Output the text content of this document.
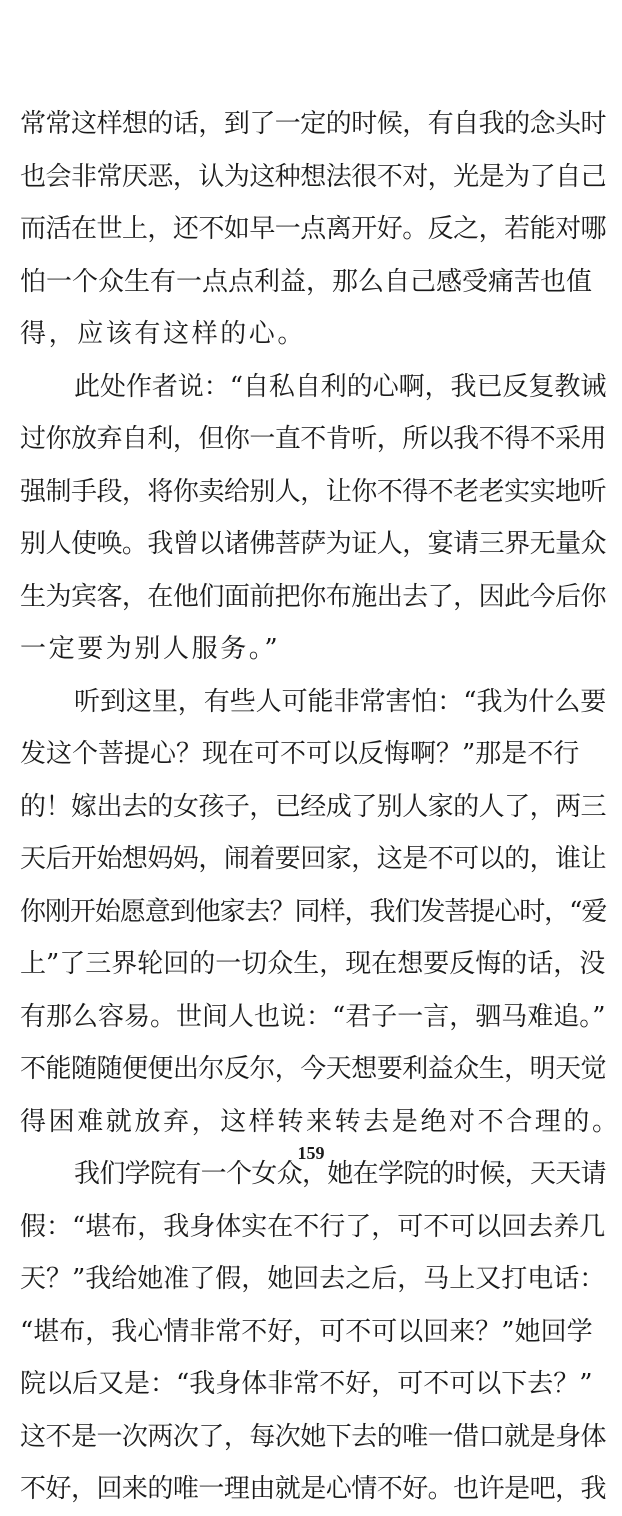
常常这样想的话，到了一定的时候，有自我的念头时
也会非常厌恶，认为这种想法很不对，光是为了自己
而活在世上，还不如早一点离开好。反之，若能对哪
怕一个众生有一点点利益，那么自己感受痛苦也值
得，应该有这样的心。
此处作者说：“自私自利的心啊，我已反复教诫
过你放弃自利，但你一直不肯听，所以我不得不采用
强制手段，将你卖给别人，让你不得不老老实实地听
别人使唤。我曾以诸佛菩萨为证人，宴请三界无量众
生为宾客，在他们面前把你布施出去了，因此今后你
一定要为别人服务。”
听到这里，有些人可能非常害怕：“我为什么要
发这个菩提心？现在可不可以反悔啊？”那是不行
的！嫁出去的女孩子，已经成了别人家的人了，两三
天后开始想妈妈，闹着要回家，这是不可以的，谁让
你刚开始愿意到他家去？同样，我们发菩提心时，“爱
上”了三界轮回的一切众生，现在想要反悔的话，没
有那么容易。世间人也说：“君子一言，驷马难追。”
不能随随便便出尔反尔，今天想要利益众生，明天觉
得困难就放弃，这样转来转去是绝对不合理的。
我们学院有一个女众，她在学院的时候，天天请
假：“堪布，我身体实在不行了，可不可以回去养几
天？”我给她准了假，她回去之后，马上又打电话：
“堪布，我心情非常不好，可不可以回来？”她回学
院以后又是：“我身体非常不好，可不可以下去？”
这不是一次两次了，每次她下去的唯一借口就是身体
不好，回来的唯一理由就是心情不好。也许是吧，我
159
